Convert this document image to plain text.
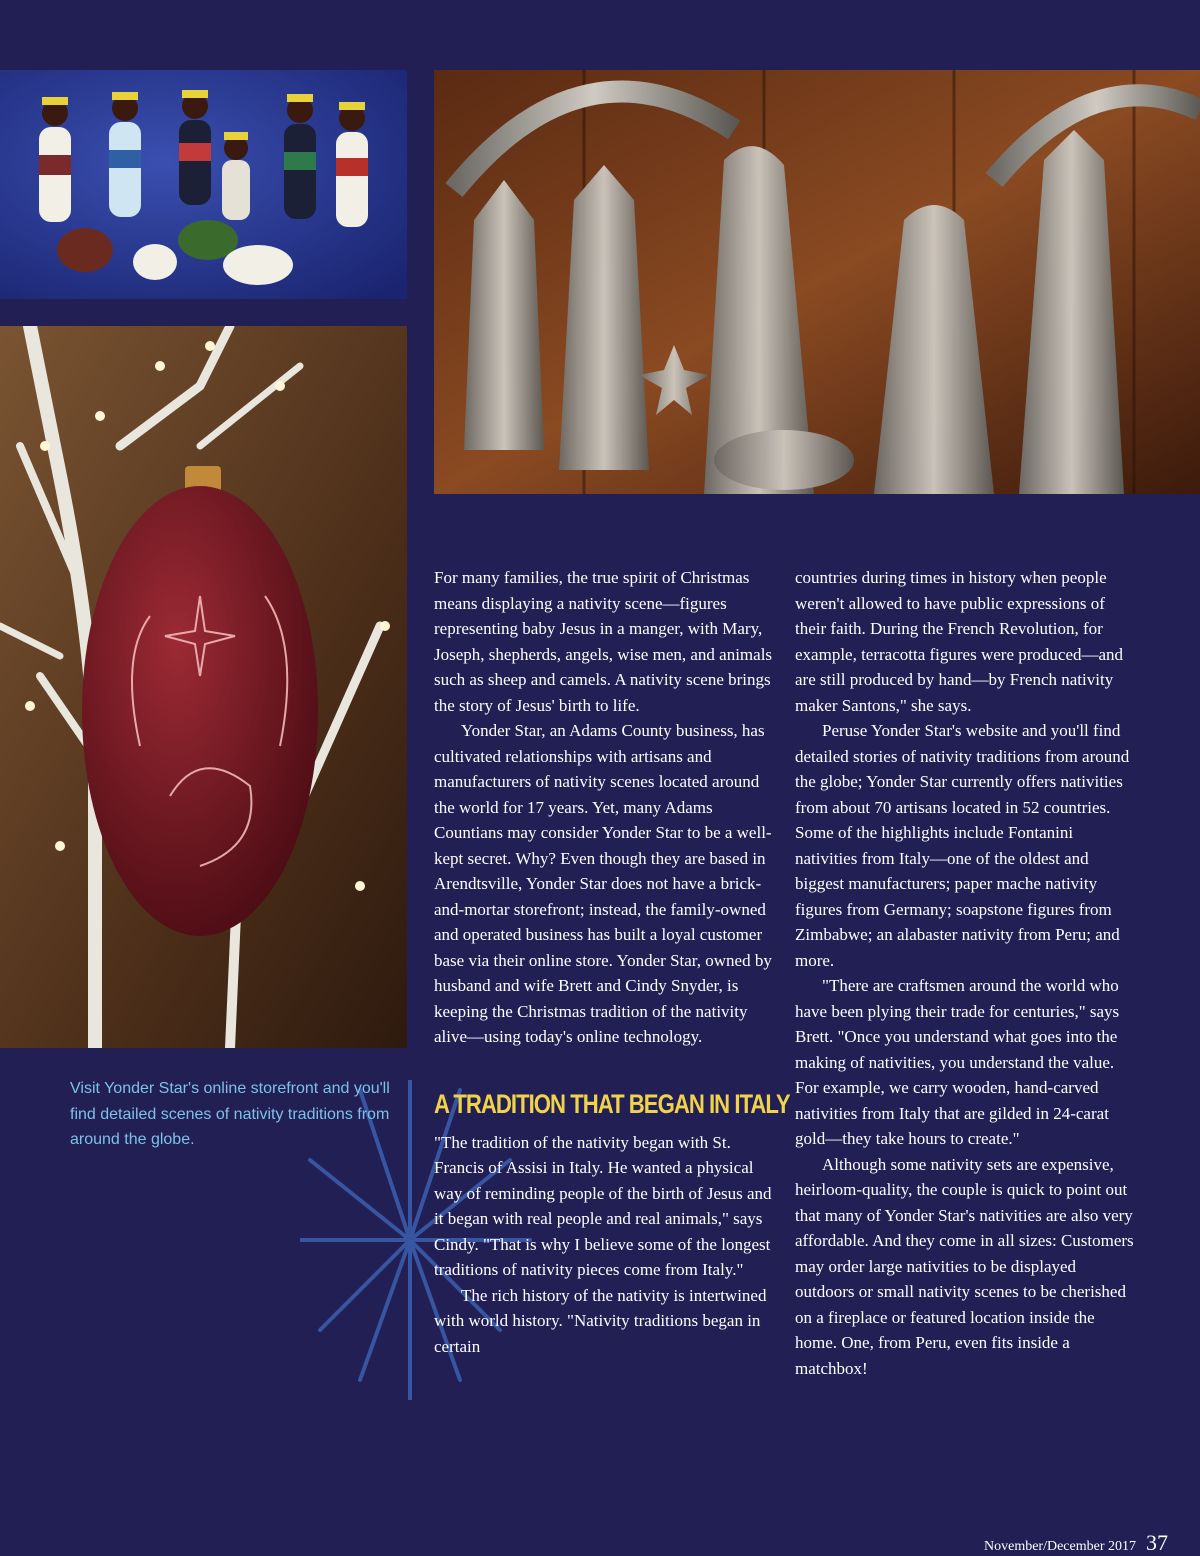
Visit Yonder Star's online storefront and you'll find detailed scenes of nativity traditions from around the globe.

For many families, the true spirit of Christmas means displaying a nativity scene—figures representing baby Jesus in a manger, with Mary, Joseph, shepherds, angels, wise men, and animals such as sheep and camels. A nativity scene brings the story of Jesus' birth to life.

Yonder Star, an Adams County business, has cultivated relationships with artisans and manufacturers of nativity scenes located around the world for 17 years. Yet, many Adams Countians may consider Yonder Star to be a well-kept secret. Why? Even though they are based in Arendtsville, Yonder Star does not have a brick-and-mortar storefront; instead, the family-owned and operated business has built a loyal customer base via their online store. Yonder Star, owned by husband and wife Brett and Cindy Snyder, is keeping the Christmas tradition of the nativity alive—using today's online technology.

A TRADITION THAT BEGAN IN ITALY

"The tradition of the nativity began with St. Francis of Assisi in Italy. He wanted a physical way of reminding people of the birth of Jesus and it began with real people and real animals," says Cindy. "That is why I believe some of the longest traditions of nativity pieces come from Italy."

The rich history of the nativity is intertwined with world history. "Nativity traditions began in certain

countries during times in history when people weren't allowed to have public expressions of their faith. During the French Revolution, for example, terracotta figures were produced—and are still produced by hand—by French nativity maker Santons," she says.

Peruse Yonder Star's website and you'll find detailed stories of nativity traditions from around the globe; Yonder Star currently offers nativities from about 70 artisans located in 52 countries. Some of the highlights include Fontanini nativities from Italy—one of the oldest and biggest manufacturers; paper mache nativity figures from Germany; soapstone figures from Zimbabwe; an alabaster nativity from Peru; and more.

"There are craftsmen around the world who have been plying their trade for centuries," says Brett. "Once you understand what goes into the making of nativities, you understand the value. For example, we carry wooden, hand-carved nativities from Italy that are gilded in 24-carat gold—they take hours to create."

Although some nativity sets are expensive, heirloom-quality, the couple is quick to point out that many of Yonder Star's nativities are also very affordable. And they come in all sizes: Customers may order large nativities to be displayed outdoors or small nativity scenes to be cherished on a fireplace or featured location inside the home. One, from Peru, even fits inside a matchbox!

November/December 2017 37
